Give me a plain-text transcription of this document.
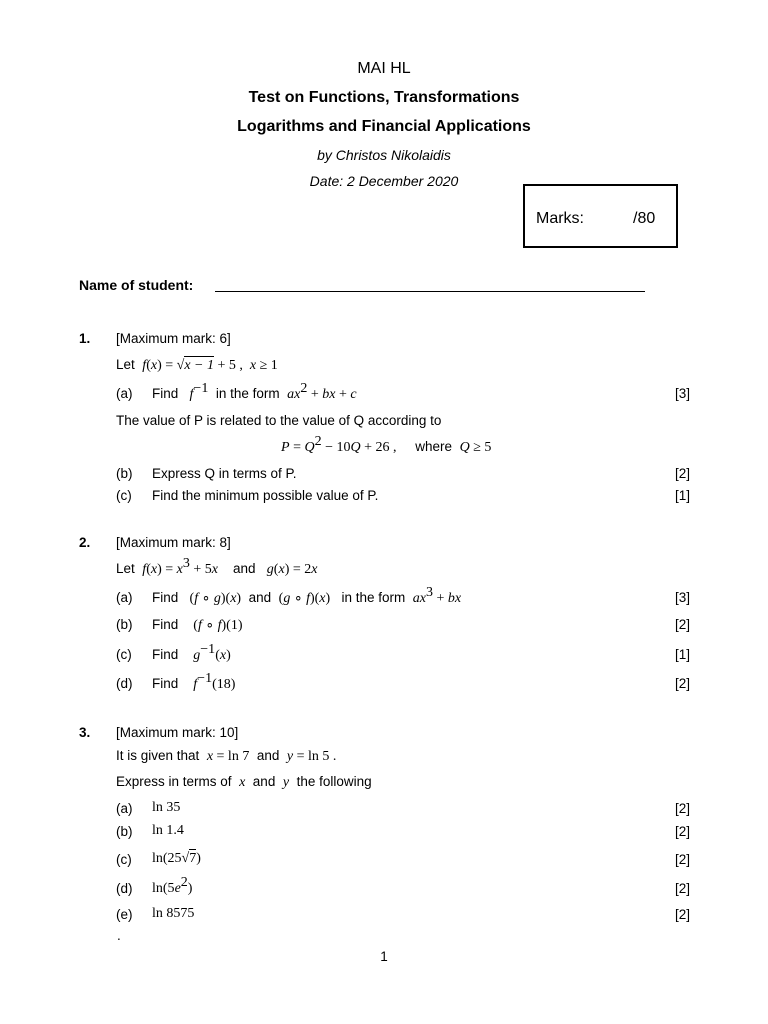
MAI HL
Test on Functions, Transformations
Logarithms and Financial Applications
by Christos Nikolaidis
Date: 2 December 2020
Marks:	/80
Name of student:
1. [Maximum mark: 6]
Let f(x) = √x − 1 + 5 ,  x ≥ 1
(a) Find $f^{-1}$ in the form $ax^2$ + bx + c	[3]
The value of P is related to the value of Q according to
$P = Q^2 - 10Q + 26$ , where Q ≥ 5
(b) Express Q in terms of P.	[2]
(c) Find the minimum possible value of P.	[1]
2. [Maximum mark: 8]
Let $f(x) = x^3 + 5x$ and g(x) = 2x
(a) Find (f ∘ g)(x) and (g ∘ f)(x) in the form $ax^3$ + bx	[3]
(b) Find (f ∘ f)(1)	[2]
(c) Find $g^{-1}(x)$	[1]
(d) Find $f^{-1}(18)$	[2]
3. [Maximum mark: 10]
It is given that x = ln 7 and y = ln 5 .
Express in terms of x and y the following
(a) ln 35	[2]
(b) ln 1.4	[2]
(c) ln(25√7)	[2]
(d) $\ln(5e^2)$	[2]
(e) ln 8575	[2]
.
1
